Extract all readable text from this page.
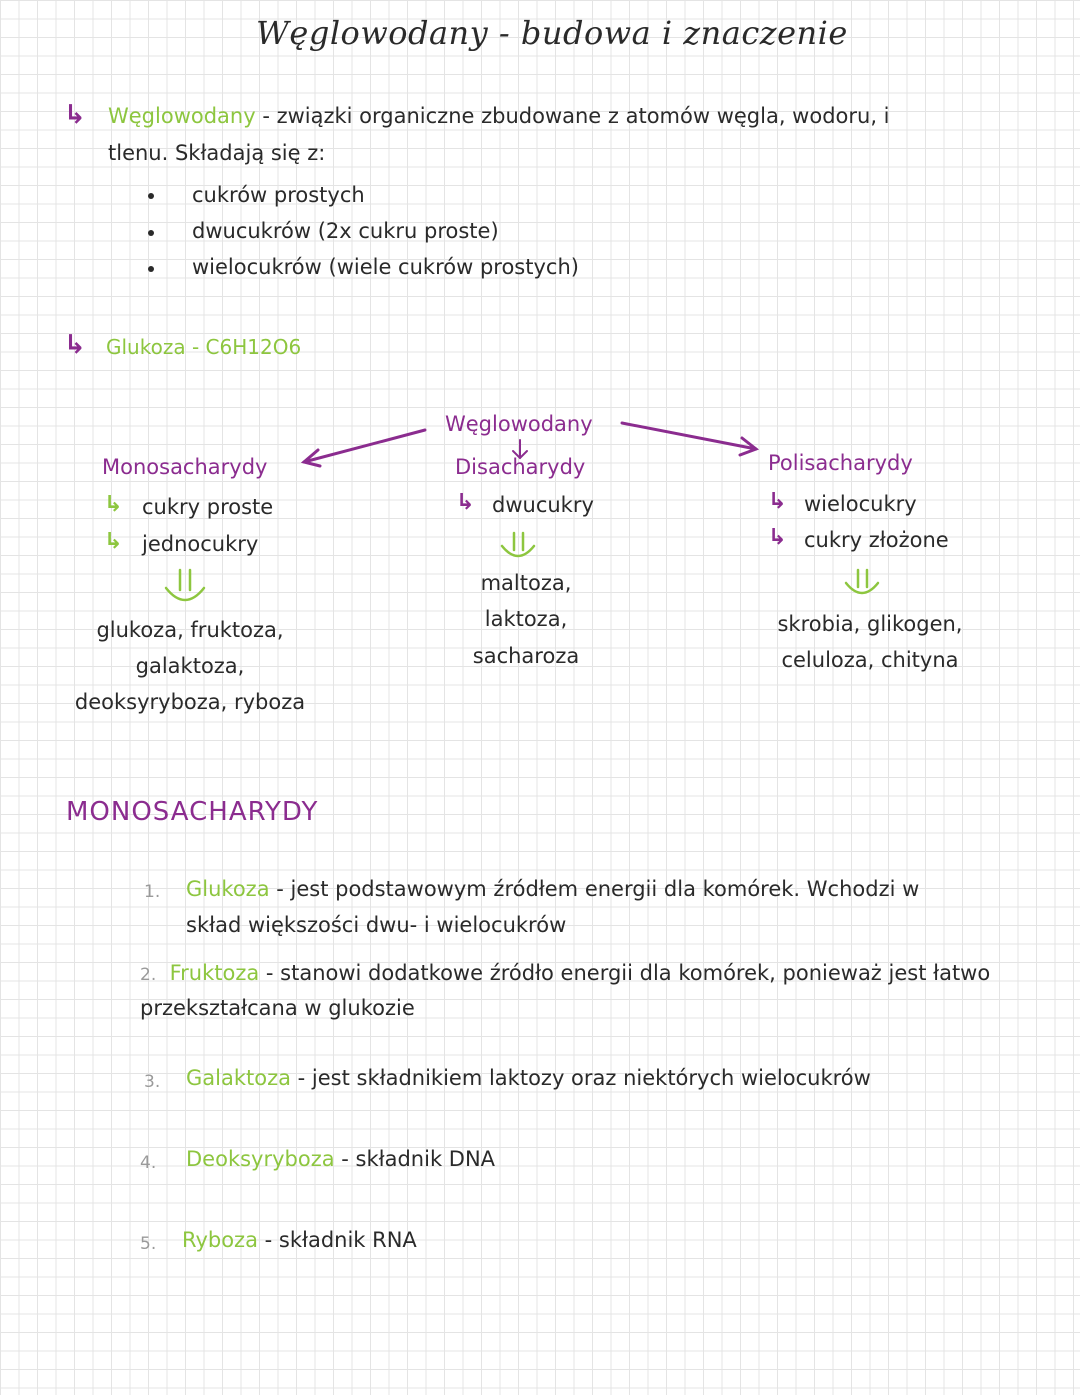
Węglowodany - budowa i znaczenie
↳ Węglowodany - związki organiczne zbudowane z atomów węgla, wodoru, i
tlenu. Składają się z:
cukrów prostych
dwucukrów (2x cukru proste)
wielocukrów (wiele cukrów prostych)
↳ Glukoza - C6H12O6
Węglowodany
Monosacharydy
↳ cukry proste
↳ jednocukry
glukoza, fruktoza,
galaktoza,
deoksyryboza, ryboza
Disacharydy
↳ dwucukry
maltoza,
laktoza,
sacharoza
Polisacharydy
↳ wielocukry
↳ cukry złożone
skrobia, glikogen,
celuloza, chityna
MONOSACHARYDY
1. Glukoza - jest podstawowym źródłem energii dla komórek. Wchodzi w
skład większości dwu- i wielocukrów
2. Fruktoza - stanowi dodatkowe źródło energii dla komórek, ponieważ jest łatwo
przekształcana w glukozie
3. Galaktoza - jest składnikiem laktozy oraz niektórych wielocukrów
4. Deoksyryboza - składnik DNA
5. Ryboza - składnik RNA
